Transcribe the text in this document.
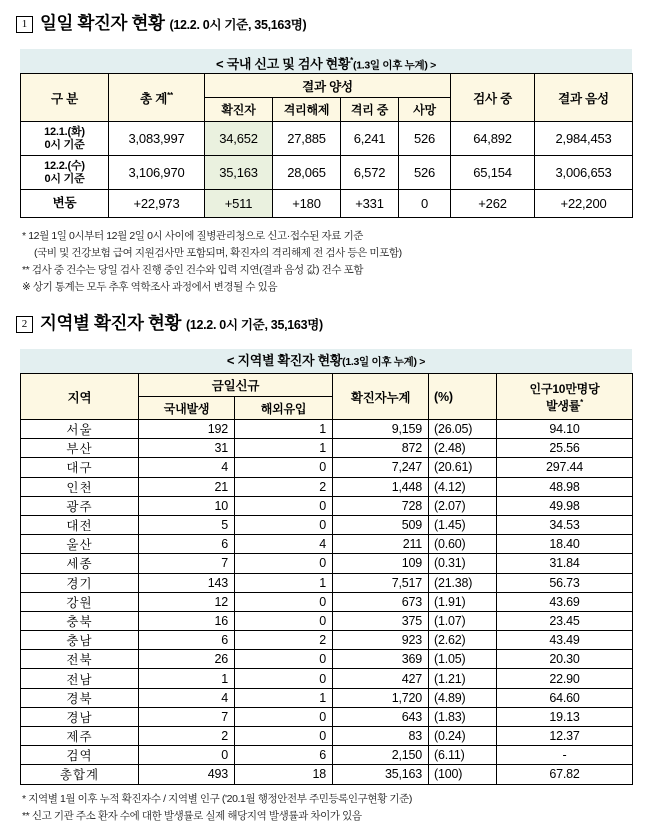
1 일일 확진자 현황 (12.2. 0시 기준, 35,163명)
< 국내 신고 및 검사 현황*(1.3일 이후 누계) >
구 분	총 계**	결과 양성				검사 중	결과 음성
		확진자	격리해제	격리 중	사망		

12.1.(화)
0시 기준	3,083,997	34,652	27,885	6,241	526	64,892	2,984,453

12.2.(수)
0시 기준	3,106,970	35,163	28,065	6,572	526	65,154	3,006,653
변동	+22,973	+511	+180	+331	0	+262	+22,200
* 12월 1일 0시부터 12월 2일 0시 사이에 질병관리청으로 신고·접수된 자료 기준
(국비 및 건강보험 급여 지원검사만 포함되며, 확진자의 격리해제 전 검사 등은 미포함)
** 검사 중 건수는 당일 검사 진행 중인 건수와 입력 지연(결과 음성 값) 건수 포함
※ 상기 통계는 모두 추후 역학조사 과정에서 변경될 수 있음
2 지역별 확진자 현황 (12.2. 0시 기준, 35,163명)
< 지역별 확진자 현황(1.3일 이후 누계) >
지역	금일신규		확진자누계	(%)	인구10만명당
발생률*

	국내발생	해외유입			
서울	192	1	9,159	(26.05)	94.10
부산	31	1	872	(2.48)	25.56
대구	4	0	7,247	(20.61)	297.44
인천	21	2	1,448	(4.12)	48.98
광주	10	0	728	(2.07)	49.98
대전	5	0	509	(1.45)	34.53
울산	6	4	211	(0.60)	18.40
세종	7	0	109	(0.31)	31.84
경기	143	1	7,517	(21.38)	56.73
강원	12	0	673	(1.91)	43.69
충북	16	0	375	(1.07)	23.45
충남	6	2	923	(2.62)	43.49
전북	26	0	369	(1.05)	20.30
전남	1	0	427	(1.21)	22.90
경북	4	1	1,720	(4.89)	64.60
경남	7	0	643	(1.83)	19.13
제주	2	0	83	(0.24)	12.37
검역	0	6	2,150	(6.11)	-
총합계	493	18	35,163	(100)	67.82
* 지역별 1월 이후 누적 확진자수 / 지역별 인구 ('20.1월 행정안전부 주민등록인구현황 기준)
** 신고 기관 주소 환자 수에 대한 발생률로 실제 해당지역 발생률과 차이가 있음
